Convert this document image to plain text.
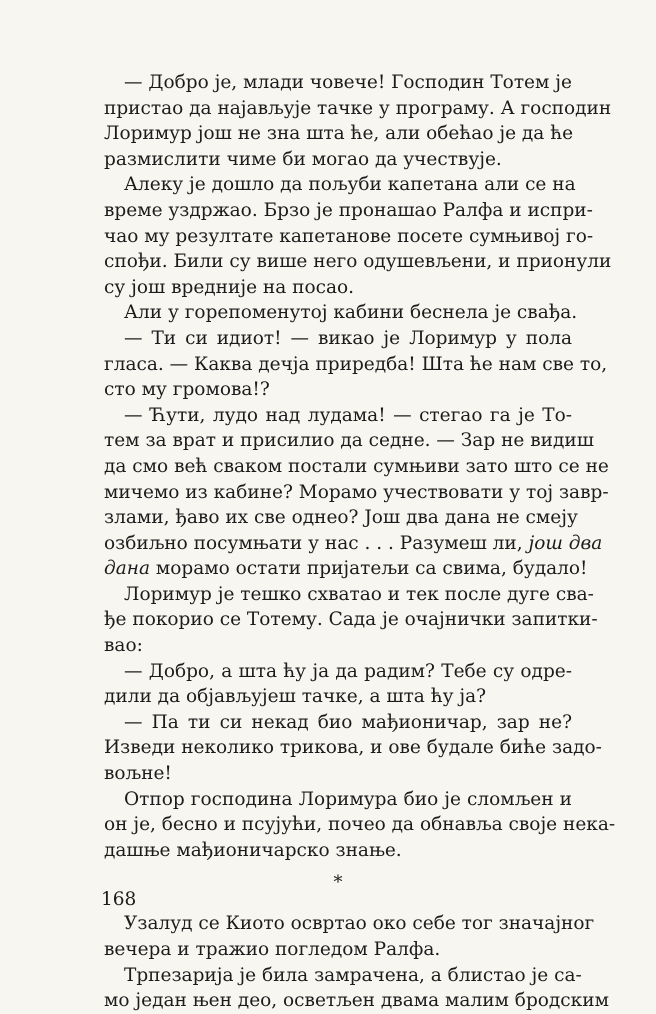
— Добро је, млади човече! Господин Тотем је
пристао да најављује тачке у програму. А господин
Лоримур још не зна шта ће, али обећао је да ће
размислити чиме би могао да учествује.
Алеку је дошло да пољуби капетана али се на
време уздржао. Брзо је пронашао Ралфа и испри-
чао му резултате капетанове посете сумњивој го-
спођи. Били су више него одушевљени, и прионули
су још вредније на посао.
Али у горепоменутој кабини беснела је свађа.
— Ти си идиот! — викао је Лоримур у пола
гласа. — Каква дечја приредба! Шта ће нам све то,
сто му громова!?
— Ћути, лудо над лудама! — стегао га је То-
тем за врат и присилио да седне. — Зар не видиш
да смо већ сваком постали сумњиви зато што се не
мичемо из кабине? Морамо учествовати у тој завр-
злами, ђаво их све однео? Још два дана не смеју
озбиљно посумњати у нас . . . Разумеш ли, још два
дана морамо остати пријатељи са свима, будало!
Лоримур је тешко схватао и тек после дуге сва-
ђе покорио се Тотему. Сада је очајнички запитки-
вао:
— Добро, а шта ћу ја да радим? Тебе су одре-
дили да објављујеш тачке, а шта ћу ја?
— Па ти си некад био мађионичар, зар не?
Изведи неколико трикова, и ове будале биће задо-
вољне!
Отпор господина Лоримура био је сломљен и
он је, бесно и псујући, почео да обнавља своје нека-
дашње мађионичарско знање.
*
Узалуд се Киото освртао око себе тог значајног
вечера и тражио погледом Ралфа.
Трпезарија је била замрачена, а блистао је са-
мо један њен део, осветљен двама малим бродским
168
